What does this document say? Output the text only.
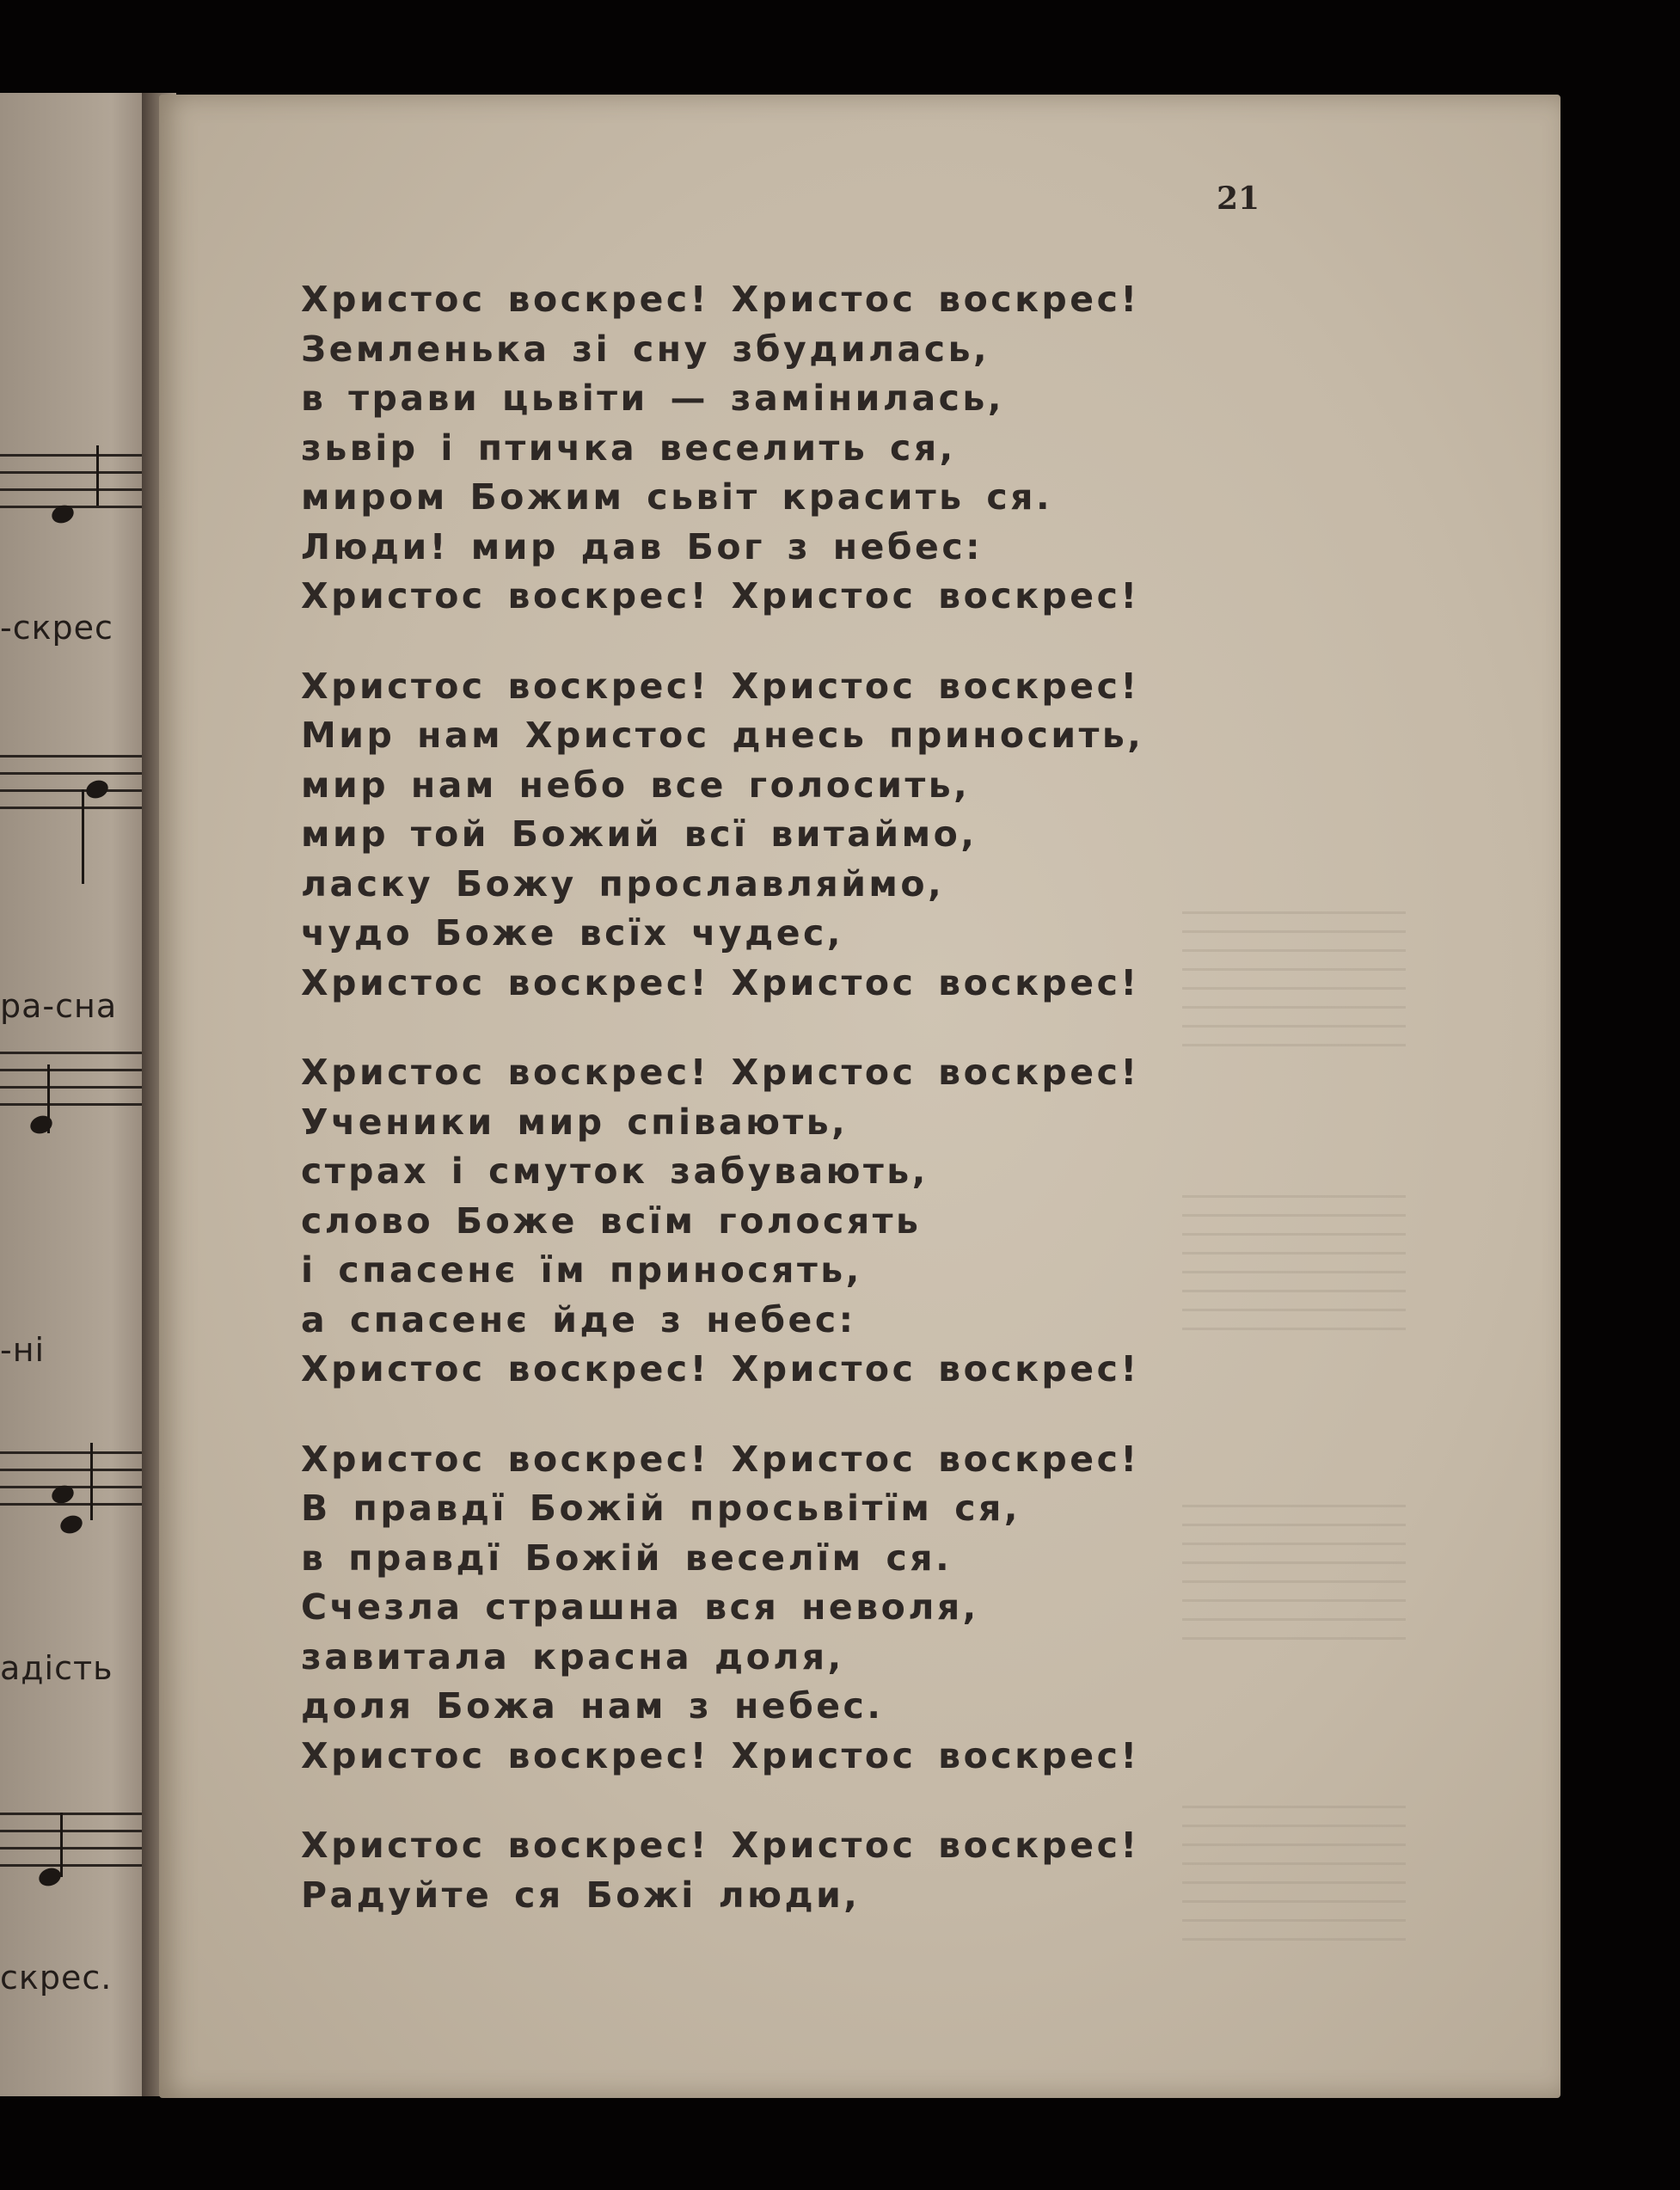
-скрес
ра-сна
-ні
адість
скрес.
21
Христос воскрес! Христос воскрес!
Земленька зі сну збудилась,
в трави цьвіти — замінилась,
зьвір і птичка веселить ся,
миром Божим сьвіт красить ся.
Люди! мир дав Бог з небес:
Христос воскрес! Христос воскрес!
Христос воскрес! Христос воскрес!
Мир нам Христос днесь приносить,
мир нам небо все голосить,
мир той Божий всї витаймо,
ласку Божу прославляймо,
чудо Боже всїх чудес,
Христос воскрес! Христос воскрес!
Христос воскрес! Христос воскрес!
Ученики мир співають,
страх і смуток забувають,
слово Боже всїм голосять
і спасенє їм приносять,
а спасенє йде з небес:
Христос воскрес! Христос воскрес!
Христос воскрес! Христос воскрес!
В правдї Божій просьвітїм ся,
в правдї Божій веселїм ся.
Счезла страшна вся неволя,
завитала красна доля,
доля Божа нам з небес.
Христос воскрес! Христос воскрес!
Христос воскрес! Христос воскрес!
Радуйте ся Божі люди,
